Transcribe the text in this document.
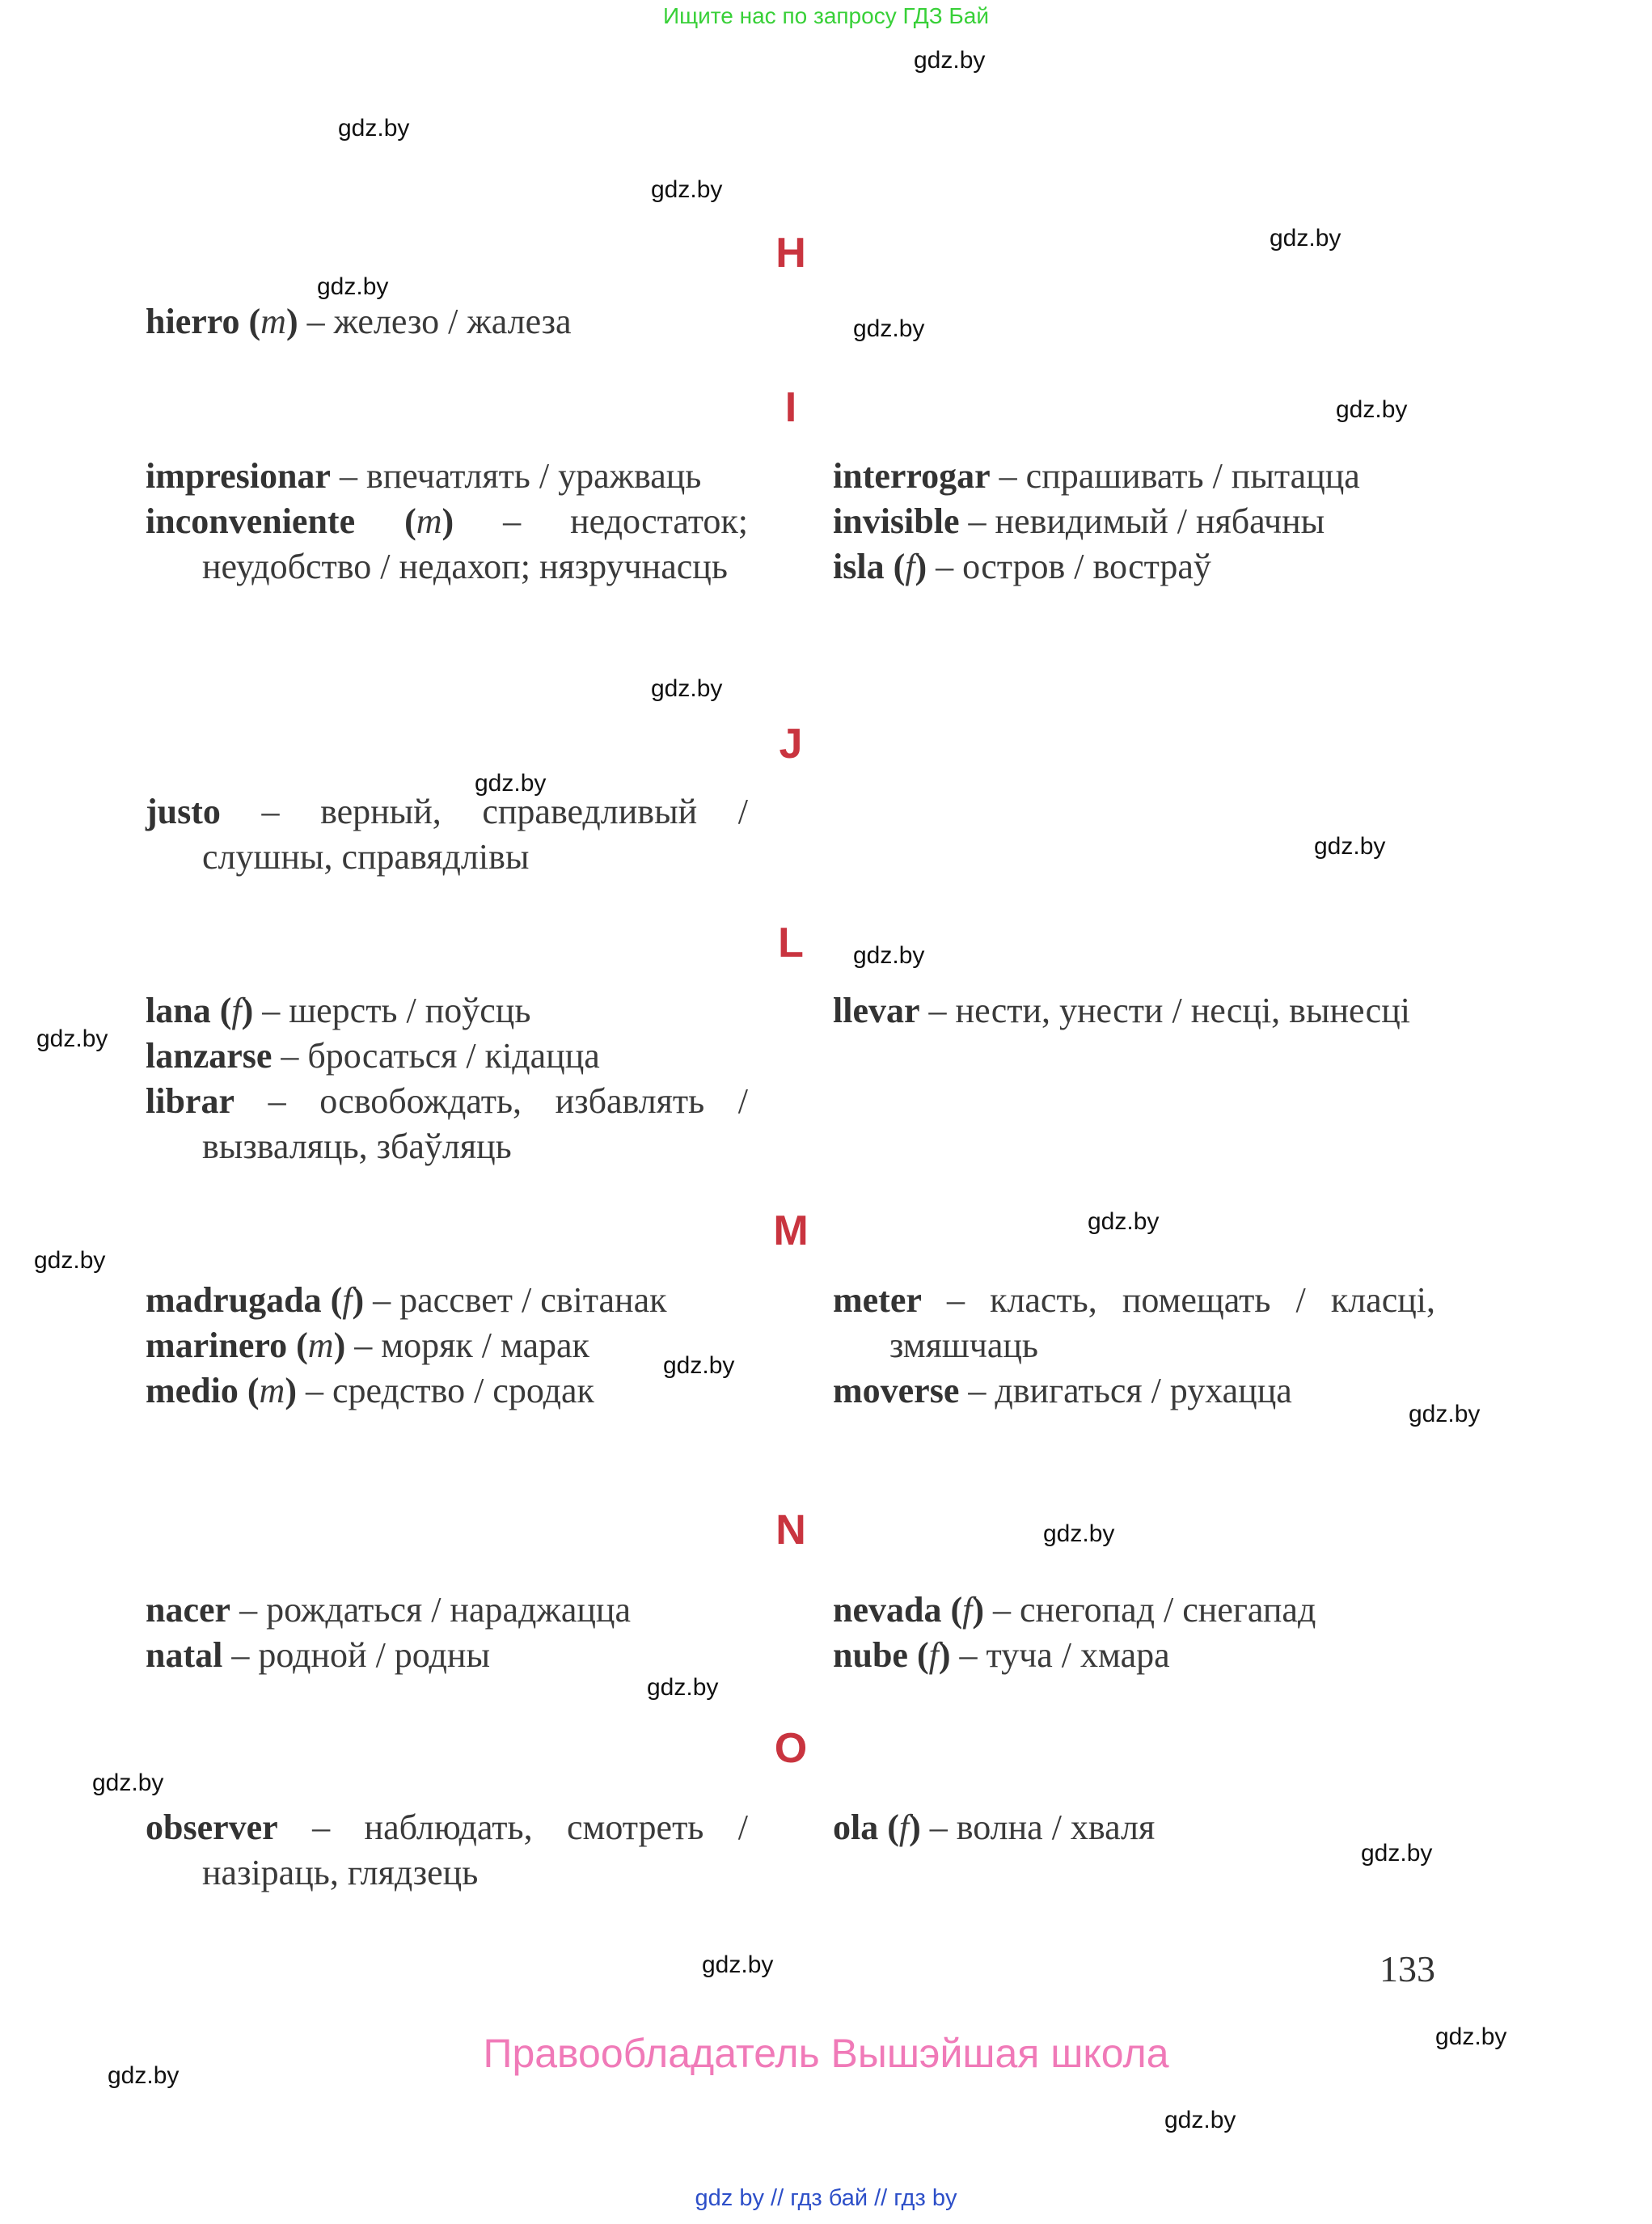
Ищите нас по запросу ГДЗ Бай
gdz.by
gdz.by
gdz.by
gdz.by
gdz.by
gdz.by
gdz.by
gdz.by
gdz.by
gdz.by
gdz.by
gdz.by
gdz.by
gdz.by
gdz.by
gdz.by
gdz.by
gdz.by
gdz.by
gdz.by
gdz.by
gdz.by
gdz.by
gdz.by
H
hierro (m) – железо / жалеза
I
impresionar – впечатлять / уражваць
inconveniente (m) – недостаток; неудобство / недахоп; нязручнасць
interrogar – спрашивать / пытацца
invisible – невидимый / нябачны
isla (f) – остров / востраў
J
justo – верный, справедливый / слушны, справядлівы
L
lana (f) – шерсть / поўсць
lanzarse – бросаться / кідацца
librar – освобождать, избавлять / вызваляць, збаўляць
llevar – нести, унести / несці, вынесці
M
madrugada (f) – рассвет / світанак
marinero (m) – моряк / марак
medio (m) – средство / сродак
meter – класть, помещать / класці, змяшчаць
moverse – двигаться / рухацца
N
nacer – рождаться / нараджацца
natal – родной / родны
nevada (f) – снегопад / снегапад
nube (f) – туча / хмара
O
observer – наблюдать, смотреть / назіраць, глядзець
ola (f) – волна / хваля
133
Правообладатель Вышэйшая школа
gdz by // гдз бай // гдз by
